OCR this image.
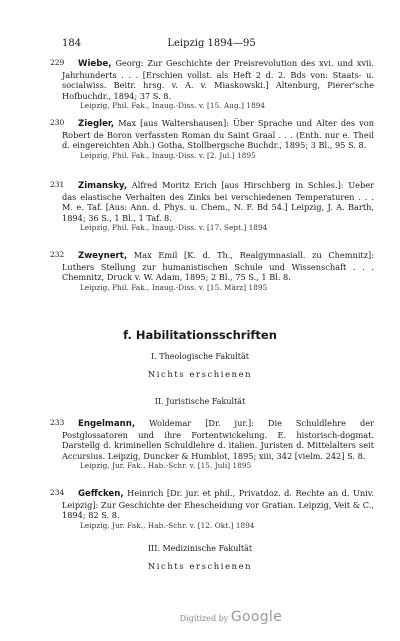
184	Leipzig 1894—95
229	Wiebe, Georg: Zur Geschichte der Preisrevolution des xvi. und xvii. Jahrhunderts . . . [Erschien vollst. als Heft 2 d. 2. Bds von: Staats- u. socialwiss. Beitr. hrsg. v. A. v. Miaskowski.] Altenburg, Pierer'sche Hofbuchdr., 1894; 37 S. 8.
Leipzig, Phil. Fak., Inaug.-Diss. v. [15. Aug.] 1894
230	Ziegler, Max [aus Waltershausen]: Über Sprache und Alter des von Robert de Boron verfassten Roman du Saint Graal . . . (Enth. nur e. Theil d. eingereichten Abh.) Gotha, Stollbergsche Buchdr., 1895; 3 Bl., 95 S. 8.
Leipzig, Phil. Fak., Inaug.-Diss. v. [2. Jul.] 1895
231	Zimansky, Alfred Moritz Erich [aus Hirschberg in Schles.]: Ueber das elastische Verhalten des Zinks bei verschiedenen Temperaturen . . . M. e. Taf. [Aus: Ann. d. Phys. u. Chem., N. F. Bd 54.] Leipzig, J. A. Barth, 1894; 36 S., 1 Bl., 1 Taf. 8.
Leipzig, Phil. Fak., Inaug.-Diss. v. [17. Sept.] 1894
232	Zweynert, Max Emil [K. d. Th., Realgymnasiall. zu Chemnitz]: Luthers Stellung zur humanistischen Schule und Wissenschaft . . . Chemnitz, Druck v. W. Adam, 1895; 2 Bl., 75 S., 1 Bl. 8.
Leipzig, Phil. Fak., Inaug.-Diss. v. [15. März] 1895
f. Habilitationsschriften
I. Theologische Fakultät
Nichts erschienen
II. Juristische Fakultät
233	Engelmann, Woldemar [Dr. jur.]: Die Schuldlehre der Postglossatoren und ihre Fortentwickelung. E. historisch-dogmat. Darstellg d. kriminellen Schuldlehre d. italien. Juristen d. Mittelalters seit Accursius. Leipzig, Duncker & Humblot, 1895; xiii, 342 [vielm. 242] S. 8.
Leipzig, Jur. Fak., Hab.-Schr. v. [15. Juli] 1895
234	Geffcken, Heinrich [Dr. jur. et phil., Privatdoz. d. Rechte an d. Univ. Leipzig]: Zur Geschichte der Ehescheidung vor Gratian. Leipzig, Veit & C., 1894; 82 S. 8.
Leipzig, Jur. Fak., Hab.-Schr. v. [12. Okt.] 1894
III. Medizinische Fakultät
Nichts erschienen
Digitized by Google
